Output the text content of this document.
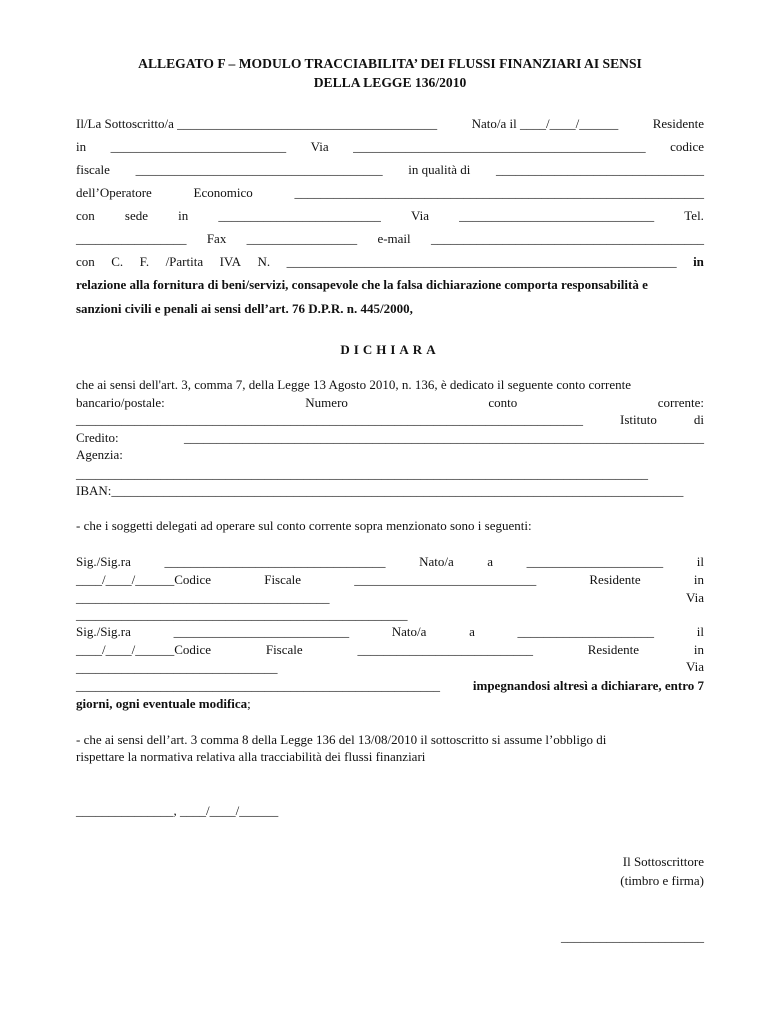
ALLEGATO F – MODULO TRACCIABILITA’ DEI FLUSSI FINANZIARI AI SENSI
DELLA LEGGE 136/2010
Il/La Sottoscritto/a ________________________________________	Nato/a il ____/____/______	Residente
in ___________________________ Via _____________________________________________ codice
fiscale ______________________________________ in qualità di ________________________________
dell’Operatore	Economico	_______________________________________________________________
con sede in _________________________ Via ______________________________ Tel.
_________________ Fax _________________ e-mail __________________________________________
con C. F. /Partita IVA N. ____________________________________________________________ in
relazione alla fornitura di beni/servizi, consapevole che la falsa dichiarazione comporta responsabilità e
sanzioni civili e penali ai sensi dell’art. 76 D.P.R. n. 445/2000,
DICHIARA
che ai sensi dell'art. 3, comma 7, della Legge 13 Agosto 2010, n. 136, è dedicato il seguente conto corrente
bancario/postale:	Numero	conto	corrente:
______________________________________________________________________________	Istituto	di
Credito:	________________________________________________________________________________
Agenzia:
________________________________________________________________________________________
IBAN:________________________________________________________________________________________
- che i soggetti delegati ad operare sul conto corrente sopra menzionato sono i seguenti:
Sig./Sig.ra	__________________________________	Nato/a	a	_____________________	il
____/____/______Codice	Fiscale	____________________________	Residente	in
_______________________________________	Via
___________________________________________________
Sig./Sig.ra	___________________________	Nato/a	a	_____________________	il
____/____/______Codice	Fiscale	___________________________	Residente	in
_______________________________	Via
________________________________________________________	impegnandosi altresì a dichiarare, entro 7
giorni, ogni eventuale modifica ;
- che ai sensi dell’art. 3 comma 8 della Legge 136 del 13/08/2010 il sottoscritto si assume l’obbligo di
rispettare la normativa relativa alla tracciabilità dei flussi finanziari
_______________, ____/____/______
Il Sottoscrittore
(timbro e firma)
______________________
